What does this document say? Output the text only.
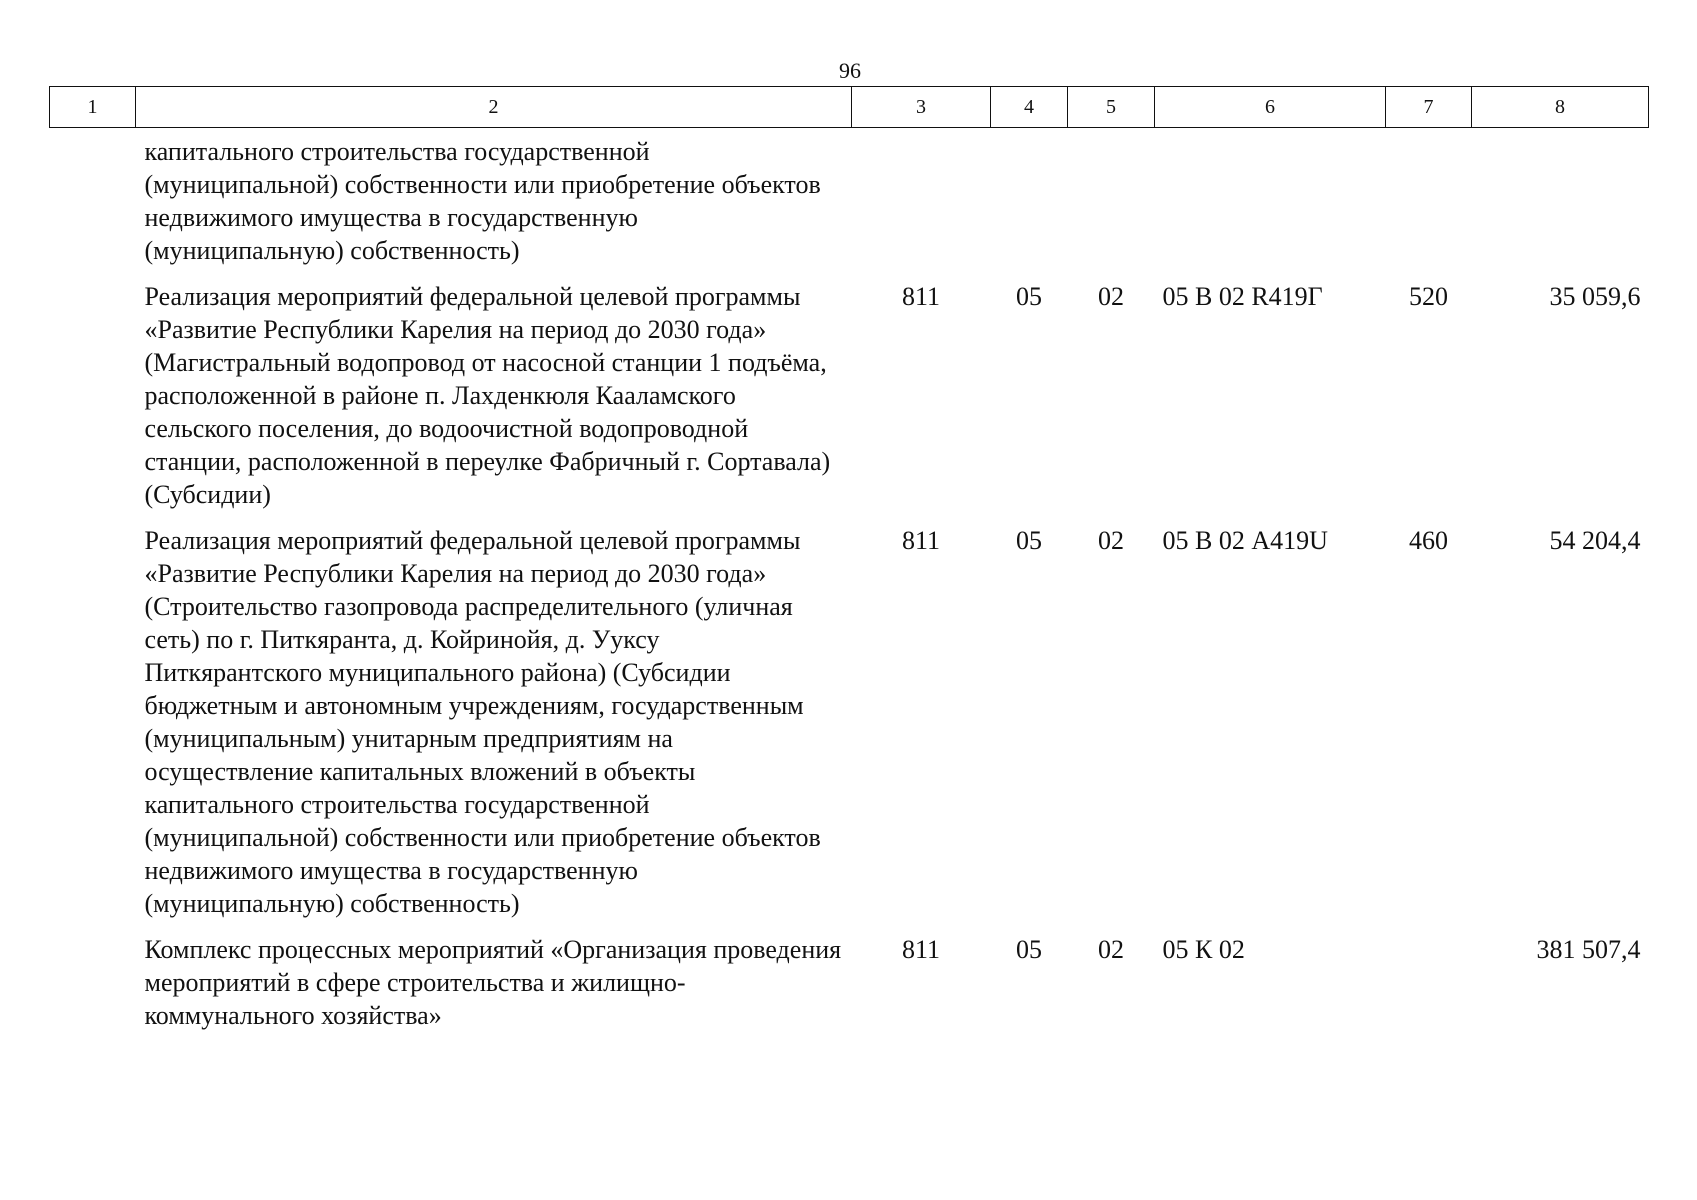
96
1	2	3	4	5	6	7	8
	капитального строительства государственной (муниципальной) собственности или приобретение объектов недвижимого имущества в государственную (муниципальную) собственность)						
	Реализация мероприятий федеральной целевой программы «Развитие Республики Карелия на период до 2030 года» (Магистральный водопровод от насосной станции 1 подъёма, расположенной в районе п. Лахденкюля Кааламского сельского поселения, до водоочистной водопроводной станции, расположенной в переулке Фабричный г. Сортавала) (Субсидии)	811	05	02	05 В 02 R419Г	520	35 059,6
	Реализация мероприятий федеральной целевой программы «Развитие Республики Карелия на период до 2030 года» (Строительство газопровода распределительного (уличная сеть) по г. Питкяранта, д. Койринойя, д. Ууксу Питкярантского муниципального района) (Субсидии бюджетным и автономным учреждениям, государственным (муниципальным) унитарным предприятиям на осуществление капитальных вложений в объекты капитального строительства государственной (муниципальной) собственности или приобретение объектов недвижимого имущества в государственную (муниципальную) собственность)	811	05	02	05 В 02 A419U	460	54 204,4
	Комплекс процессных мероприятий «Организация проведения мероприятий в сфере строительства и жилищно-коммунального хозяйства»	811	05	02	05 К 02		381 507,4
